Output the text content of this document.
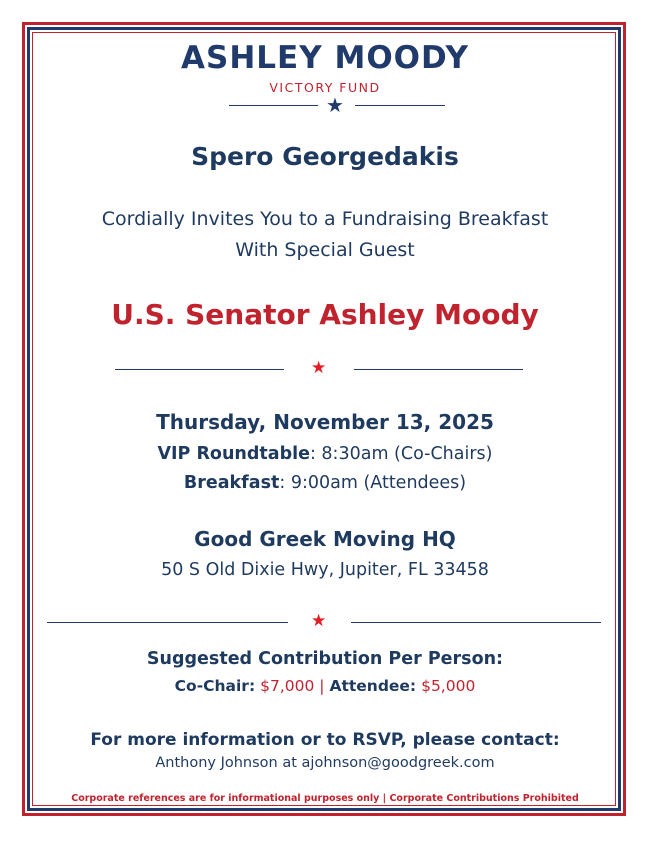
ASHLEY MOODY
VICTORY FUND
★
Spero Georgedakis
Cordially Invites You to a Fundraising Breakfast
With Special Guest
U.S. Senator Ashley Moody
★
Thursday, November 13, 2025
VIP Roundtable: 8:30am (Co-Chairs)
Breakfast: 9:00am (Attendees)
Good Greek Moving HQ
50 S Old Dixie Hwy, Jupiter, FL 33458
★
Suggested Contribution Per Person:
Co-Chair: $7,000 | Attendee: $5,000
For more information or to RSVP, please contact:
Anthony Johnson at ajohnson@goodgreek.com
Corporate references are for informational purposes only | Corporate Contributions Prohibited
